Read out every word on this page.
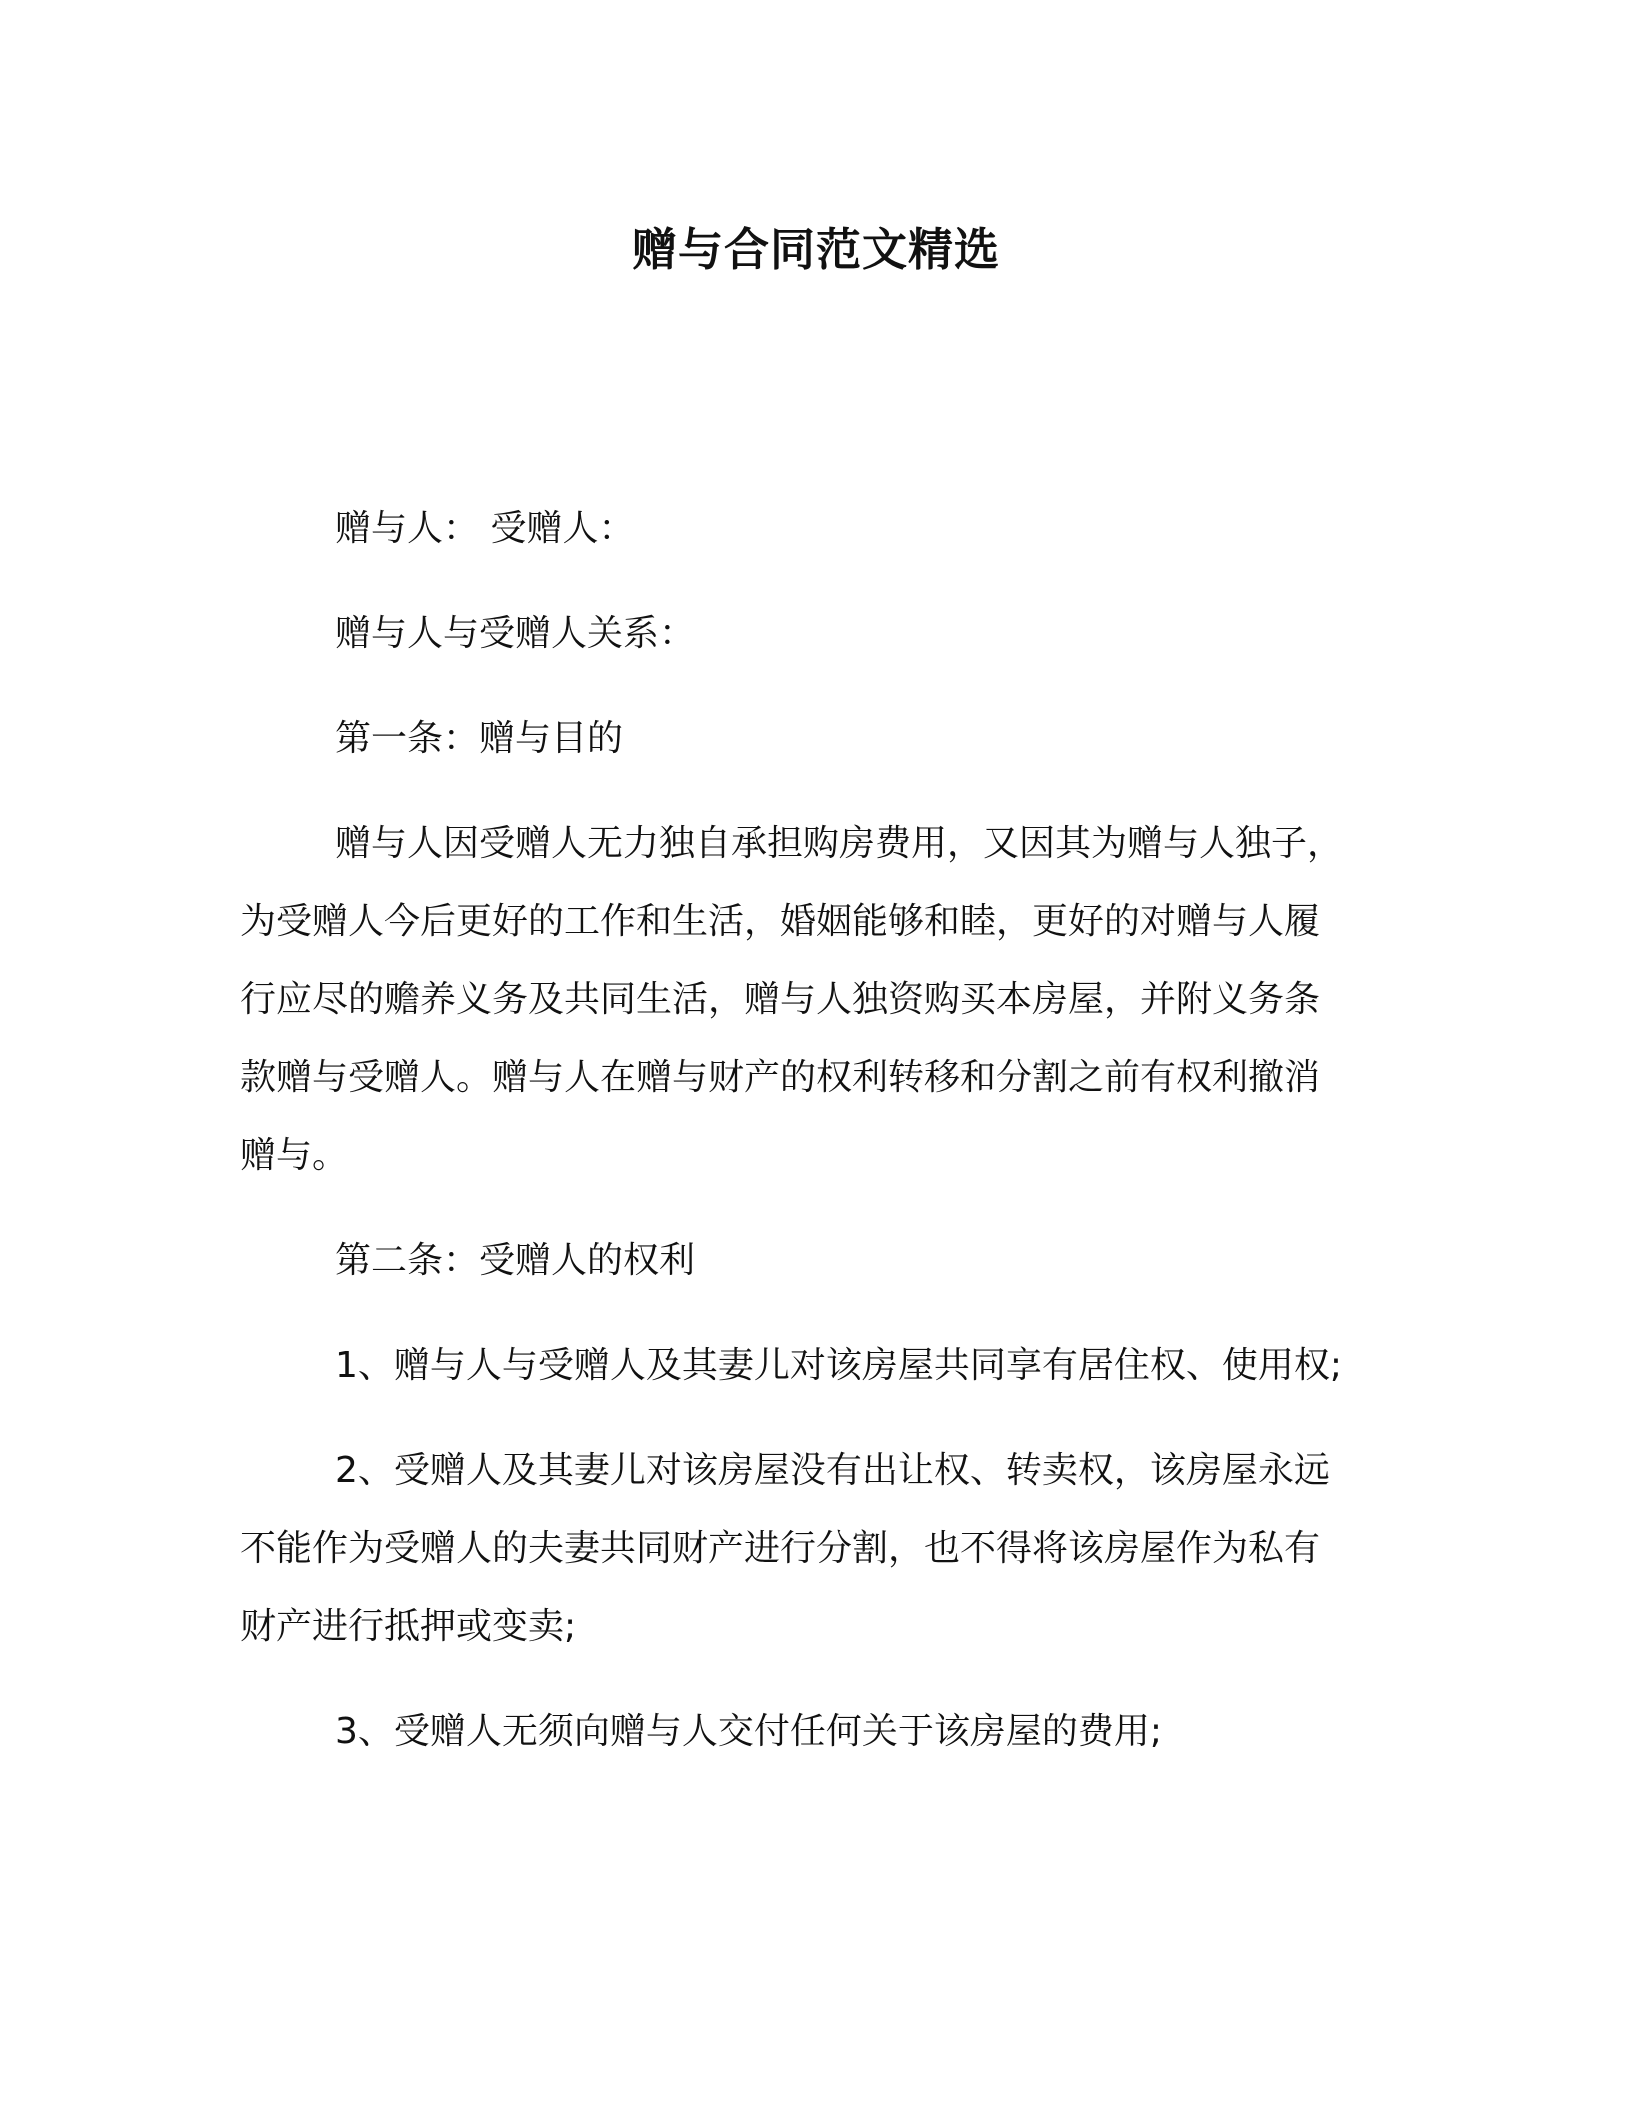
赠与合同范文精选

赠与人： 受赠人：

赠与人与受赠人关系：

第一条：赠与目的

赠与人因受赠人无力独自承担购房费用，又因其为赠与人独子，
为受赠人今后更好的工作和生活，婚姻能够和睦，更好的对赠与人履
行应尽的赡养义务及共同生活，赠与人独资购买本房屋，并附义务条
款赠与受赠人。赠与人在赠与财产的权利转移和分割之前有权利撤消
赠与。

第二条：受赠人的权利

1、赠与人与受赠人及其妻儿对该房屋共同享有居住权、使用权;

2、受赠人及其妻儿对该房屋没有出让权、转卖权，该房屋永远
不能作为受赠人的夫妻共同财产进行分割，也不得将该房屋作为私有
财产进行抵押或变卖;

3、受赠人无须向赠与人交付任何关于该房屋的费用;
